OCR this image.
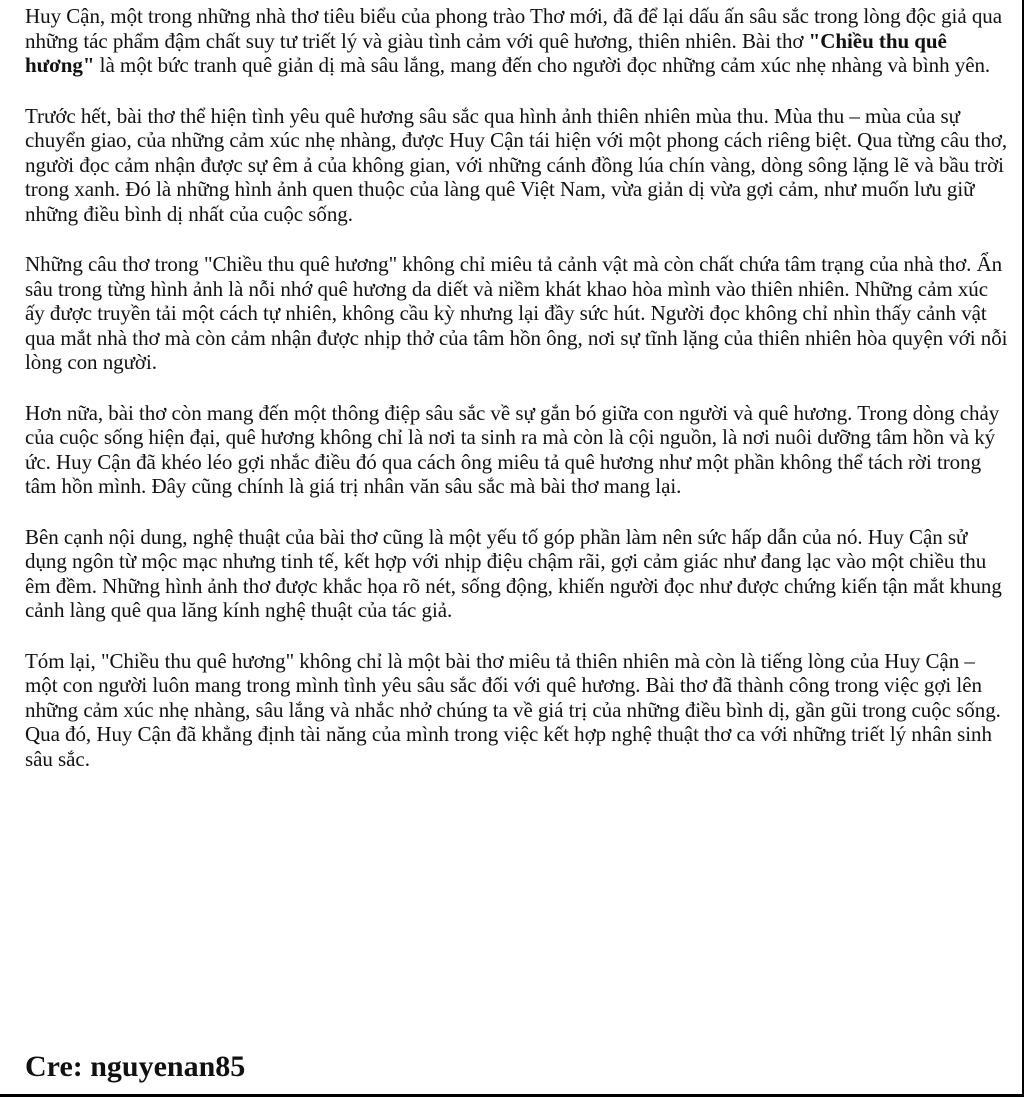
Huy Cận, một trong những nhà thơ tiêu biểu của phong trào Thơ mới, đã để lại dấu ấn sâu sắc trong lòng độc giả qua những tác phẩm đậm chất suy tư triết lý và giàu tình cảm với quê hương, thiên nhiên. Bài thơ "Chiều thu quê hương" là một bức tranh quê giản dị mà sâu lắng, mang đến cho người đọc những cảm xúc nhẹ nhàng và bình yên.

Trước hết, bài thơ thể hiện tình yêu quê hương sâu sắc qua hình ảnh thiên nhiên mùa thu. Mùa thu – mùa của sự chuyển giao, của những cảm xúc nhẹ nhàng, được Huy Cận tái hiện với một phong cách riêng biệt. Qua từng câu thơ, người đọc cảm nhận được sự êm ả của không gian, với những cánh đồng lúa chín vàng, dòng sông lặng lẽ và bầu trời trong xanh. Đó là những hình ảnh quen thuộc của làng quê Việt Nam, vừa giản dị vừa gợi cảm, như muốn lưu giữ những điều bình dị nhất của cuộc sống.

Những câu thơ trong "Chiều thu quê hương" không chỉ miêu tả cảnh vật mà còn chất chứa tâm trạng của nhà thơ. Ẩn sâu trong từng hình ảnh là nỗi nhớ quê hương da diết và niềm khát khao hòa mình vào thiên nhiên. Những cảm xúc ấy được truyền tải một cách tự nhiên, không cầu kỳ nhưng lại đầy sức hút. Người đọc không chỉ nhìn thấy cảnh vật qua mắt nhà thơ mà còn cảm nhận được nhịp thở của tâm hồn ông, nơi sự tĩnh lặng của thiên nhiên hòa quyện với nỗi lòng con người.

Hơn nữa, bài thơ còn mang đến một thông điệp sâu sắc về sự gắn bó giữa con người và quê hương. Trong dòng chảy của cuộc sống hiện đại, quê hương không chỉ là nơi ta sinh ra mà còn là cội nguồn, là nơi nuôi dưỡng tâm hồn và ký ức. Huy Cận đã khéo léo gợi nhắc điều đó qua cách ông miêu tả quê hương như một phần không thể tách rời trong tâm hồn mình. Đây cũng chính là giá trị nhân văn sâu sắc mà bài thơ mang lại.

Bên cạnh nội dung, nghệ thuật của bài thơ cũng là một yếu tố góp phần làm nên sức hấp dẫn của nó. Huy Cận sử dụng ngôn từ mộc mạc nhưng tinh tế, kết hợp với nhịp điệu chậm rãi, gợi cảm giác như đang lạc vào một chiều thu êm đềm. Những hình ảnh thơ được khắc họa rõ nét, sống động, khiến người đọc như được chứng kiến tận mắt khung cảnh làng quê qua lăng kính nghệ thuật của tác giả.

Tóm lại, "Chiều thu quê hương" không chỉ là một bài thơ miêu tả thiên nhiên mà còn là tiếng lòng của Huy Cận – một con người luôn mang trong mình tình yêu sâu sắc đối với quê hương. Bài thơ đã thành công trong việc gợi lên những cảm xúc nhẹ nhàng, sâu lắng và nhắc nhở chúng ta về giá trị của những điều bình dị, gần gũi trong cuộc sống. Qua đó, Huy Cận đã khẳng định tài năng của mình trong việc kết hợp nghệ thuật thơ ca với những triết lý nhân sinh sâu sắc.

Cre: nguyenan85
